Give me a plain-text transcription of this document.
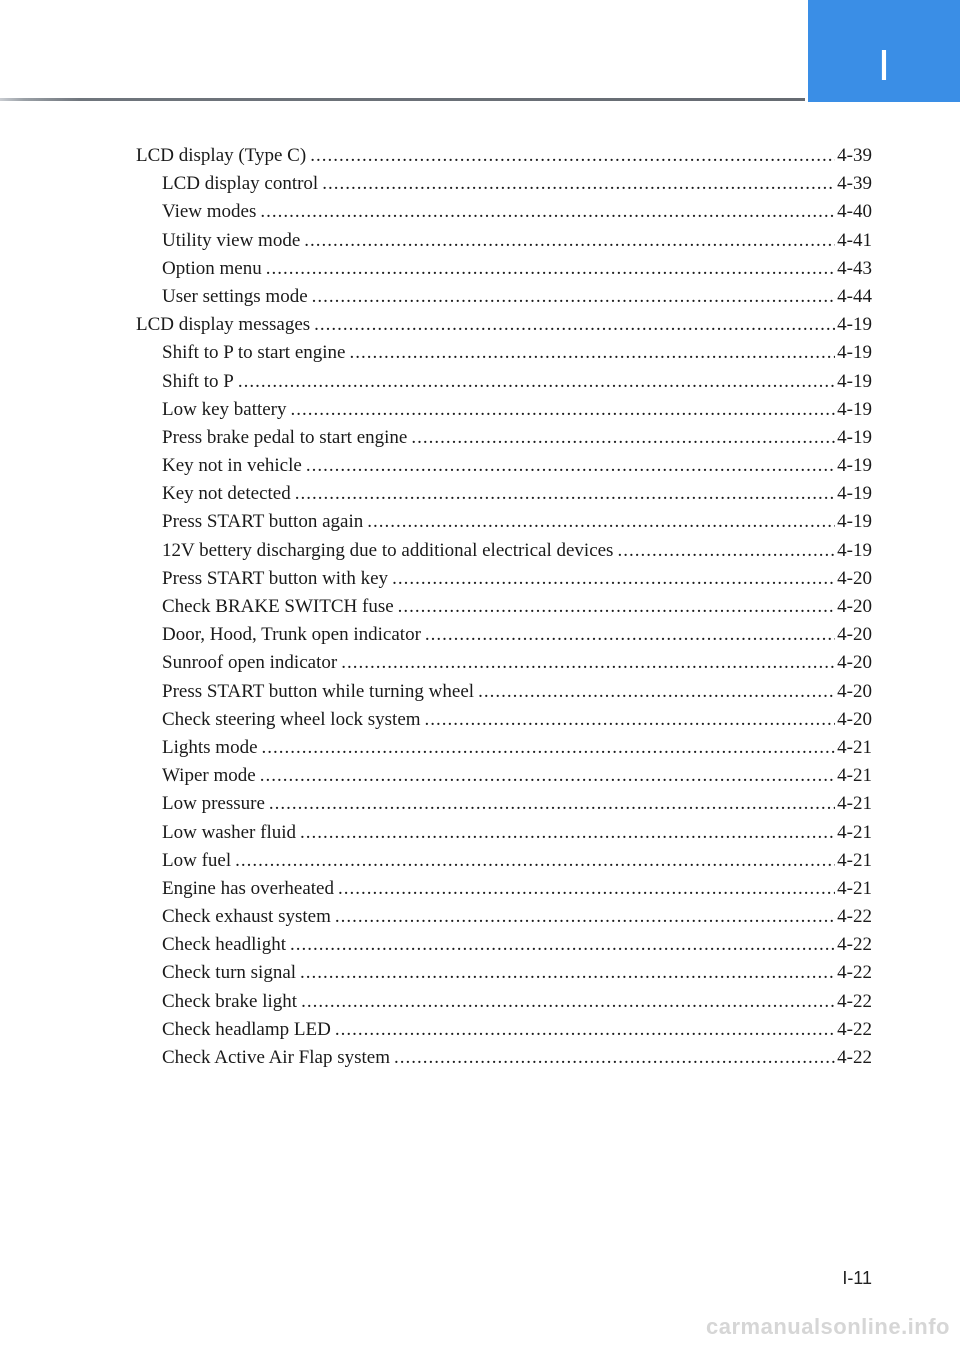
I
LCD display (Type C) .....	4-39
LCD display control .....	4-39
View modes .....	4-40
Utility view mode .....	4-41
Option menu .....	4-43
User settings mode .....	4-44
LCD display messages .....	4-19
Shift to P to start engine .....	4-19
Shift to P .....	4-19
Low key battery .....	4-19
Press brake pedal to start engine .....	4-19
Key not in vehicle .....	4-19
Key not detected .....	4-19
Press START button again .....	4-19
12V bettery discharging due to additional electrical devices .....	4-19
Press START button with key .....	4-20
Check BRAKE SWITCH fuse .....	4-20
Door, Hood, Trunk open indicator .....	4-20
Sunroof open indicator .....	4-20
Press START button while turning wheel .....	4-20
Check steering wheel lock system .....	4-20
Lights mode .....	4-21
Wiper mode .....	4-21
Low pressure .....	4-21
Low washer fluid .....	4-21
Low fuel .....	4-21
Engine has overheated .....	4-21
Check exhaust system .....	4-22
Check headlight .....	4-22
Check turn signal .....	4-22
Check brake light .....	4-22
Check headlamp LED .....	4-22
Check Active Air Flap system .....	4-22
I-11
carmanualsonline.info
